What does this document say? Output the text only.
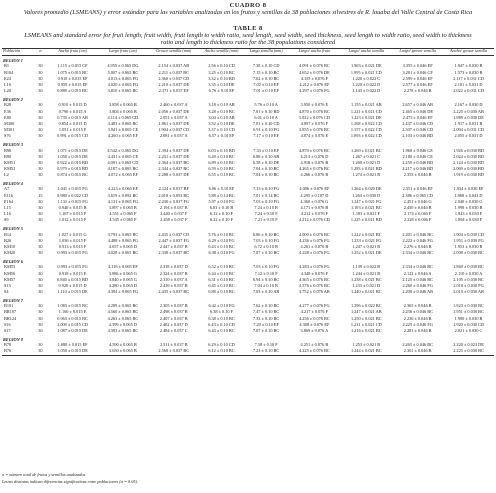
CUADRO 8
Valores promedio (LSMEANS) y error estándar para las variables analizadas en los frutos y semillas de 38 poblaciones silvestres de R. lauaba del Valle Central de Costa Rica
TABLE 8
LSMEANS and standard error for fruit length, fruit width, fruit length to width ratio, seed length, seed width, seed thickness, seed length to width ratio, seed width to thickness
ratio and length to thickness ratio for the 38 populations considered
Población	n	Ancho fruto (cm)	Largo fruto (cm)	Grosor semilla (mm)	Ancho semilla (mm)	Largo semilla (mm)	Largo/ ancho fruto	Largo/ ancho semilla	Largo/ grosor semilla	Ancho/ grosor semilla
REGION 1										
B1	30	1.115 ± 0.015 CF	4.955 ± 0.065 DG	2.154 ± 0.037 AB	2.56 ± 0.10 CD	7.38 ± 0.10 CD	4.091 ± 0.076 BC	1.903 ± 0.021 DE	3.355 ± 0.046 EF	1.947 ± 0.030 B
B104	30	1.075 ± 0.015 BC	5.007 ± 0.065 BC	2.211 ± 0.037 BC	3.25 ± 0.10 BC	7.15 ± 0.10 BC	4.652 ± 0.076 DE	1.995 ± 0.021 CD	3.201 ± 0.046 CF	1.573 ± 0.030 B
E24	30	0.910 ± 0.015 EF	4.013 ± 0.065 FG	2.360 ± 0.037 CD	3.32 ± 0.10 BD	7.02 ± 0.10 BC	4.155 ± 0.076 F	1.220 ± 0.022 C	2.599 ± 0.046 EF	2.117 ± 0.031 CD
L16	30	0.959 ± 0.015 EF	4.020 ± 0.065 FG	2.210 ± 0.037 DE	3.35 ± 0.10 DE	7.02 ± 0.10 EF	4.212 ± 0.076 EF	1.220 ± 0.022 D	2.577 ± 0.046 EF	2.101 ± 0.031 D
L20	30	0.889 ± 0.015 BC	3.810 ± 0.065 BC	2.371 ± 0.037 EF	6.76 ± 0.10 EF	7.01 ± 0.10 EF	4.297 ± 0.076 FG	1.143 ± 0.022 D	2.278 ± 0.046 B	2.022 ± 0.031 CD
REGION 2										
B20	30	0.910 ± 0.015 D	3.858 ± 0.065 B	2.460 ± 0.037 A	3.18 ± 0.10 AB	5.76 ± 0.10 A	3.950 ± 0.076 E	1.155 ± 0.021 AB	2.657 ± 0.046 AB	2.167 ± 0.030 D
E36	30	0.790 ± 0.015 A	3.804 ± 0.065 B	2.056 ± 0.037 DE	3.28 ± 0.10 BC	7.01 ± 0.10 BD	4.870 ± 0.076 BC	1.221 ± 0.021 CD	2.465 ± 0.046 DE	2.225 ± 0.030 AB
E80	30	0.735 ± 0.015 AB	4.114 ± 0.065 CD	2.051 ± 0.037 A	3.04 ± 0.10 AB	6.01 ± 0.10 A	5.022 ± 0.076 CD	1.223 ± 0.021 DE	2.475 ± 0.046 EF	1.989 ± 0.030 DE
M300	30	0.854 ± 0.015 D	4.483 ± 0.065 BC	1.861 ± 0.037 DE	3.52 ± 0.10 DE	7.01 ± 0.10 CD	4.897 ± 0.076 F	1.268 ± 0.022 CD	2.437 ± 0.046 CD	1.917 ± 0.031 B
M301	30	1.051 ± 0.015 F	3.941 ± 0.065 CE	1.904 ± 0.037 CD	3.37 ± 0.10 CD	6.91 ± 0.10 FG	3.855 ± 0.076 BC	1.157 ± 0.022 CD	2.307 ± 0.046 CD	2.094 ± 0.031 CD
S76	30	0.991 ± 0.015 CD	4.260 ± 0.065 EF	2.081 ± 0.037 A	6.57 ± 0.10 EF	7.17 ± 0.10 EF	4.874 ± 0.076 E	1.093 ± 0.022 CD	2.104 ± 0.046 BD	2.055 ± 0.031 D
REGION 3										
B98	30	1.071 ± 0.015 DE	4.542 ± 0.065 DG	2.394 ± 0.037 DE	6.03 ± 0.10 BD	7.33 ± 0.10 EF	4.870 ± 0.076 BC	1.269 ± 0.021 BC	1.960 ± 0.046 CE	1.926 ± 0.030 BD
B90	30	1.050 ± 0.015 DE	4.431 ± 0.065 CE	2.231 ± 0.037 DE	6.49 ± 0.10 BC	6.88 ± 0.10 AB	4.213 ± 0.076 D	1.267 ± 0.021 C	2.180 ± 0.046 CE	2.024 ± 0.030 BD
KM51	30	0.922 ± 0.015 BD	4.091 ± 0.065 CD	2.364 ± 0.037 BC	6.89 ± 0.10 BC	6.58 ± 0.10 DE	4.918 ± 0.076 B	1.269 ± 0.021 D	2.259 ± 0.046 BD	2.124 ± 0.030 BD
KM52	30	0.979 ± 0.015 BD	4.187 ± 0.065 BC	2.344 ± 0.037 BC	6.59 ± 0.10 BC	7.04 ± 0.10 BC	4.265 ± 0.076 BC	1.283 ± 0.021 BD	2.217 ± 0.046 BD	2.069 ± 0.030 BD
L2	30	0.874 ± 0.015 BC	4.072 ± 0.065 EF	2.288 ± 0.037 DE	6.55 ± 0.10 BC	7.04 ± 0.10 BC	4.266 ± 0.076 B	1.274 ± 0.021 B	2.353 ± 0.046 B	1.919 ± 0.030 BD
REGION 4										
A7	30	1.041 ± 0.015 FG	4.223 ± 0.065 EF	2.124 ± 0.037 BF	6.06 ± 0.10 EF	7.13 ± 0.10 FG	4.006 ± 0.076 EF	1.264 ± 0.020 DE	2.351 ± 0.046 EF	1.934 ± 0.030 EF
E116	15	0.980 ± 0.022 CD	3.619 ± 0.092 BC	2.018 ± 0.053 BC	5.88 ± 0.14 BC	7.01 ± 0.14 BC	4.295 ± 0.107 D	1.264 ± 0.030 D	2.386 ± 0.065 CD	1.968 ± 0.043 D
E164	30	1.131 ± 0.015 FG	4.131 ± 0.065 FG	2.230 ± 0.037 FG	5.97 ± 0.10 FG	7.03 ± 0.10 FG	4.360 ± 0.076 G	1.247 ± 0.021 FG	2.451 ± 0.046 G	2.040 ± 0.030 G
L15	30	0.940 ± 0.015 B	3.897 ± 0.065 B	2.194 ± 0.037 B	6.03 ± 0.10 B	7.24 ± 0.10 B	4.171 ± 0.076 B	1.193 ± 0.021 BC	2.450 ± 0.046 B	1.998 ± 0.030 B
L16	30	1.167 ± 0.015 F	4.551 ± 0.065 F	2.440 ± 0.037 F	6.12 ± 0.10 F	7.24 ± 0.10 F	4.212 ± 0.076 F	1.183 ± 0.021 F	2.174 ± 0.046 F	1.843 ± 0.030 F
S9	30	1.012 ± 0.015 F	4.545 ± 0.065 F	2.458 ± 0.037 F	6.22 ± 0.10 F	7.21 ± 0.10 F	4.212 ± 0.076 CD	1.225 ± 0.021 BD	2.228 ± 0.046 F	1.894 ± 0.030 F
REGION 5										
B14	30	1.027 ± 0.015 G	3.793 ± 0.065 BC	2.435 ± 0.037 CD	5.76 ± 0.10 BC	6.86 ± 0.10 BC	4.000 ± 0.076 BC	1.222 ± 0.021 BC	2.201 ± 0.046 BC	1.904 ± 0.030 CD
B26	30	1.036 ± 0.015 F	4.488 ± 0.065 FG	2.447 ± 0.037 FG	6.29 ± 0.10 FG	7.03 ± 0.10 FG	4.236 ± 0.076 FG	1.233 ± 0.021 FG	2.222 ± 0.046 FG	1.951 ± 0.030 FG
KM10	30	0.913 ± 0.015 F	4.057 ± 0.065 D	2.447 ± 0.037 B	6.43 ± 0.10 BC	6.72 ± 0.10 B	4.261 ± 0.076 B	1.247 ± 0.021 B	2.276 ± 0.046 B	1.953 ± 0.030 B
KM20	30	0.993 ± 0.015 FG	4.028 ± 0.065 BC	2.338 ± 0.037 BC	6.38 ± 0.10 FG	7.07 ± 0.10 BC	4.248 ± 0.076 FG	1.252 ± 0.021 DE	2.334 ± 0.046 BC	2.008 ± 0.030 BC
REGION 6										
KM55	30	0.993 ± 0.015 FG	4.116 ± 0.065 EF	2.318 ± 0.037 D	6.52 ± 0.10 BC	7.03 ± 0.10 FG	4.283 ± 0.076 FG	1.139 ± 0.022 B	2.334 ± 0.046 BC	1.860 ± 0.030 BC
KM56	30	0.918 ± 0.015 E	3.986 ± 0.065 G	2.324 ± 0.037 B	6.44 ± 0.10 BC	7.12 ± 0.10 F	4.348 ± 0.076 F	1.244 ± 0.021 B	2.122 ± 0.046 A	2.110 ± 0.030 A
KM57	30	0.840 ± 0.015 BD	3.840 ± 0.065 G	2.310 ± 0.037 A	6.31 ± 0.10 BC	6.94 ± 0.10 BC	4.365 ± 0.076 BC	1.238 ± 0.021 BC	2.125 ± 0.046 BC	2.105 ± 0.030 BC
S13	30	0.920 ± 0.015 D	4.280 ± 0.065 D	2.416 ± 0.037 B	6.45 ± 0.10 BC	7.04 ± 0.10 B	4.376 ± 0.076 BC	1.233 ± 0.021 D	2.260 ± 0.046 FG	2.010 ± 0.030 FG
S4	30	1.110 ± 0.015 DE	4.394 ± 0.065 FG	2.435 ± 0.037 BC	6.88 ± 0.10 BC	7.03 ± 0.10 AB	3.752 ± 0.076 AB	1.240 ± 0.021 BC	2.208 ± 0.046 AB	2.010 ± 0.030 AB
REGION 7										
B101	30	1.083 ± 0.015 BC	4.289 ± 0.065 BC	2.305 ± 0.037 B	6.42 ± 0.10 FG	7.62 ± 0.10 BC	4.277 ± 0.076 FG	1.296 ± 0.022 BC	2.365 ± 0.046 B	1.923 ± 0.030 BC
BR107	30	1.160 ± 0.015 E	4.560 ± 0.065 BC	2.498 ± 0.037 B	6.38 ± 0.10 F	7.47 ± 0.10 BC	4.217 ± 0.076 F	1.247 ± 0.021 AB	2.236 ± 0.046 BC	1.951 ± 0.030 BC
BR124	30	0.963 ± 0.015 BC	4.263 ± 0.065 BC	2.407 ± 0.037 B	6.38 ± 0.10 BC	7.33 ± 0.10 BC	4.256 ± 0.076 BC	1.250 ± 0.021 BC	2.236 ± 0.046 B	1.900 ± 0.030 B
S16	30	1.009 ± 0.015 CD	4.399 ± 0.065 D	2.402 ± 0.037 D	6.43 ± 0.10 CD	7.20 ± 0.10 EF	4.308 ± 0.076 EF	1.231 ± 0.021 CD	2.225 ± 0.046 FG	1.920 ± 0.030 CD
S17	30	1.087 ± 0.015 DE	4.393 ± 0.065 BC	2.484 ± 0.037 C	6.43 ± 0.10 BC	7.07 ± 0.10 BC	3.869 ± 0.076 A	1.216 ± 0.021 BC	2.281 ± 0.046 B	2.021 ± 0.030 C
REGION 8										
B70	30	1.080 ± 0.015 EF	4.590 ± 0.065 B	2.511 ± 0.037 B	6.29 ± 0.10 CD	7.58 ± 0.10 F	4.251 ± 0.076 B	1.253 ± 0.021 B	2.265 ± 0.046 BC	2.220 ± 0.023 DE
B76	30	1.050 ± 0.015 DE	3.650 ± 0.065 B	2.568 ± 0.037 BC	6.12 ± 0.10 BC	7.23 ± 0.10 BC	4.225 ± 0.076 BC	1.244 ± 0.021 BC	2.301 ± 0.046 B	2.225 ± 0.030 BC
n = número total de frutos y semillas analizados.
Letras distintas indican diferencias significativas entre poblaciones (α = 0.05).
